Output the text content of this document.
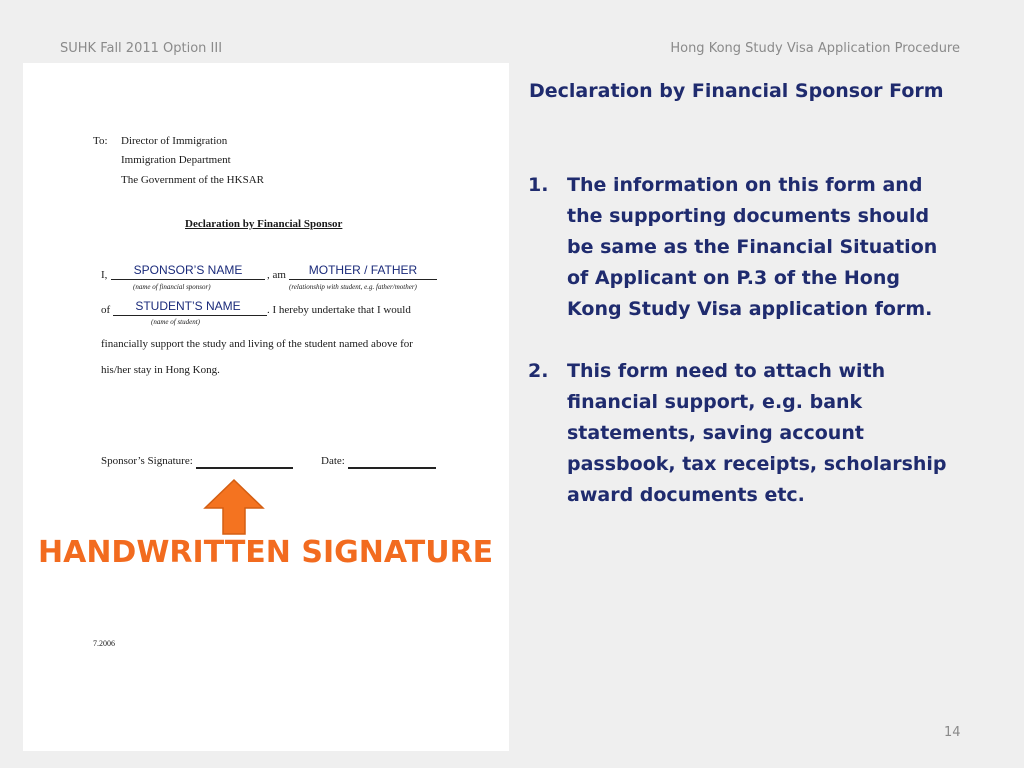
SUHK Fall 2011 Option III	Hong Kong Study Visa Application Procedure
To: Director of Immigration
Immigration Department
The Government of the HKSAR
Declaration by Financial Sponsor
I,	SPONSOR’S NAME
(name of financial sponsor)
, am	MOTHER / FATHER
(relationship with student, e.g. father/mother)
of	STUDENT’S NAME
(name of student)
. I hereby undertake that I would
financially support the study and living of the student named above for
his/her stay in Hong Kong.
Sponsor’s Signature:	Date:
HANDWRITTEN SIGNATURE
7.2006
Declaration by Financial Sponsor Form
1. The information on this form and the supporting documents should be same as the Financial Situation of Applicant on P.3 of the Hong Kong Study Visa application form.
2. This form need to attach with financial support, e.g. bank statements, saving account passbook, tax receipts, scholarship award documents etc.
14
